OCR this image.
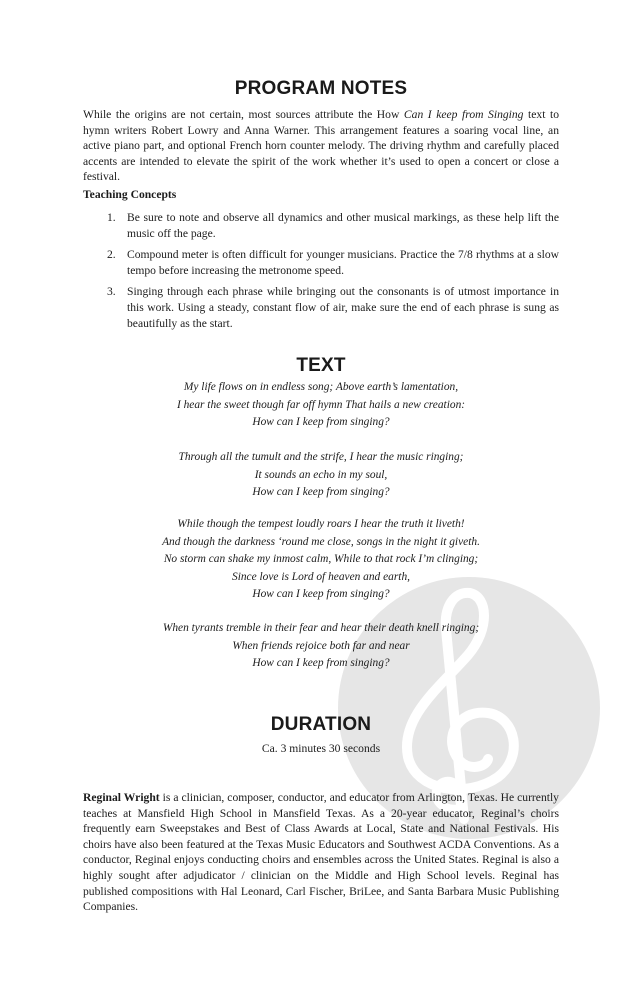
PROGRAM NOTES

While the origins are not certain, most sources attribute the How Can I keep from Singing text to hymn writers Robert Lowry and Anna Warner. This arrangement features a soaring vocal line, an active piano part, and optional French horn counter melody. The driving rhythm and carefully placed accents are intended to elevate the spirit of the work whether it’s used to open a concert or close a festival.

Teaching Concepts

1. Be sure to note and observe all dynamics and other musical markings, as these help lift the music off the page.
2. Compound meter is often difficult for younger musicians. Practice the 7/8 rhythms at a slow tempo before increasing the metronome speed.
3. Singing through each phrase while bringing out the consonants is of utmost importance in this work. Using a steady, constant flow of air, make sure the end of each phrase is sung as beautifully as the start.
TEXT
My life flows on in endless song; Above earth’s lamentation,
I hear the sweet though far off hymn That hails a new creation:
How can I keep from singing?
Through all the tumult and the strife, I hear the music ringing;
It sounds an echo in my soul,
How can I keep from singing?
While though the tempest loudly roars I hear the truth it liveth!
And though the darkness ‘round me close, songs in the night it giveth.
No storm can shake my inmost calm, While to that rock I’m clinging;
Since love is Lord of heaven and earth,
How can I keep from singing?
When tyrants tremble in their fear and hear their death knell ringing;
When friends rejoice both far and near
How can I keep from singing?
DURATION
Ca. 3 minutes 30 seconds

Reginal Wright is a clinician, composer, conductor, and educator from Arlington, Texas. He currently teaches at Mansfield High School in Mansfield Texas. As a 20-year educator, Reginal’s choirs frequently earn Sweepstakes and Best of Class Awards at Local, State and National Festivals. His choirs have also been featured at the Texas Music Educators and Southwest ACDA Conventions. As a conductor, Reginal enjoys conducting choirs and ensembles across the United States. Reginal is also a highly sought after adjudicator / clinician on the Middle and High School levels. Reginal has published compositions with Hal Leonard, Carl Fischer, BriLee, and Santa Barbara Music Publishing Companies.
